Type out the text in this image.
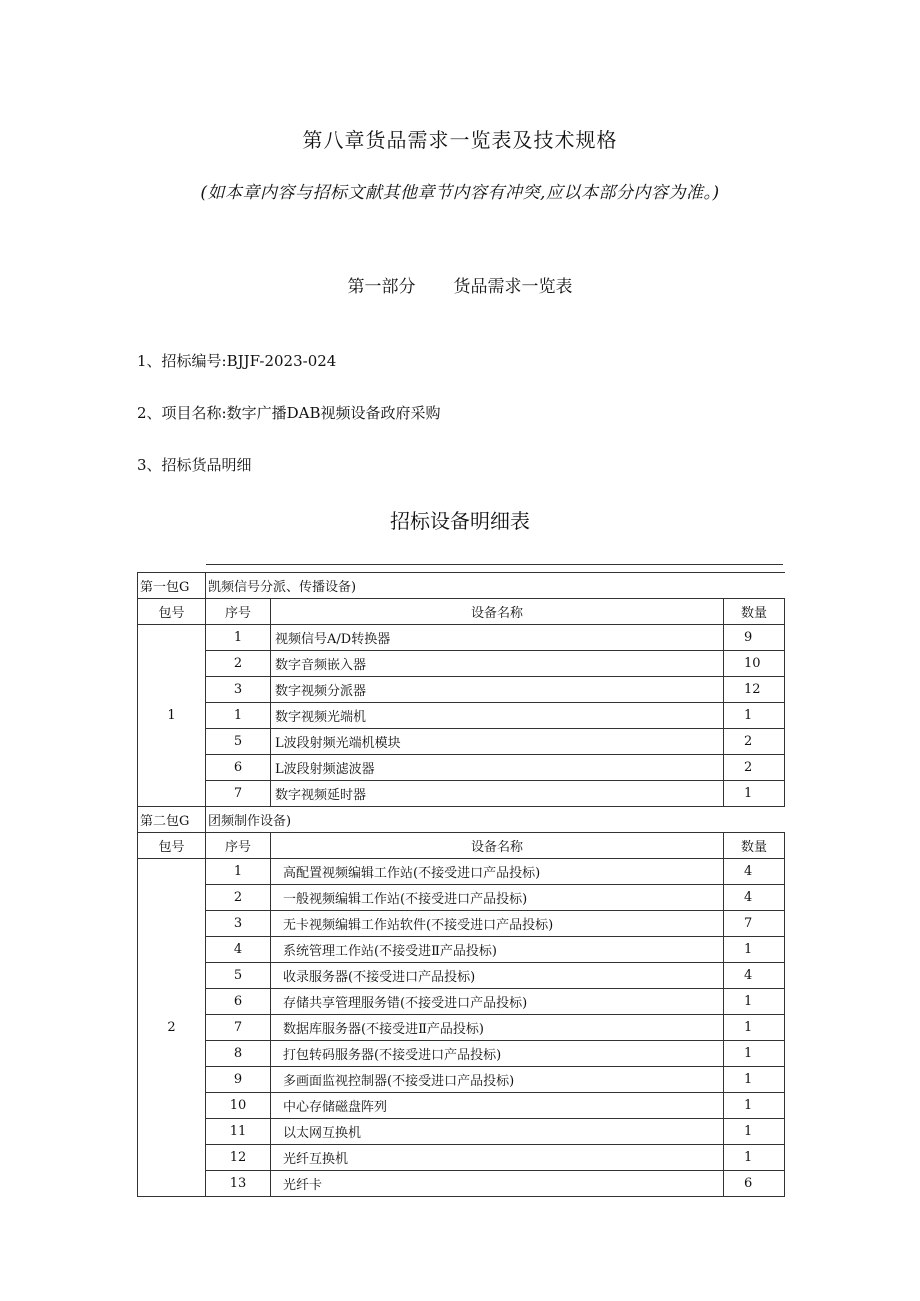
第八章货品需求一览表及技术规格
(如本章内容与招标文献其他章节内容有冲突,应以本部分内容为准。)
第一部分 货品需求一览表
1、招标编号:BJJF-2023-024
2、项目名称:数字广播DAB视频设备政府采购
3、招标货品明细
招标设备明细表
第一包G	凯频信号分派、传播设备)		
包号	序号	设备名称	数量
1	1	视频信号A/D转换器	9
	2	数字音频嵌入器	10
	3	数字视频分派器	12
	1	数字视频光端机	1
	5	L波段射频光端机模块	2
	6	L波段射频滤波器	2
	7	数字视频延时器	1
第二包G	团频制作设备)		
包号	序号	设备名称	数量
2	1	高配置视频编辑工作站(不接受进口产品投标)	4
	2	一般视频编辑工作站(不接受进口产品投标)	4
	3	无卡视频编辑工作站软件(不接受进口产品投标)	7
	4	系统管理工作站(不接受进Ⅱ产品投标)	1
	5	收录服务器(不接受进口产品投标)	4
	6	存储共享管理服务错(不接受进口产品投标)	1
	7	数据库服务器(不接受进Ⅱ产品投标)	1
	8	打包转码服务器(不接受进口产品投标)	1
	9	多画面监视控制器(不接受进口产品投标)	1
	10	中心存储磁盘阵列	1
	11	以太网互换机	1
	12	光纤互换机	1
	13	光纤卡	6
